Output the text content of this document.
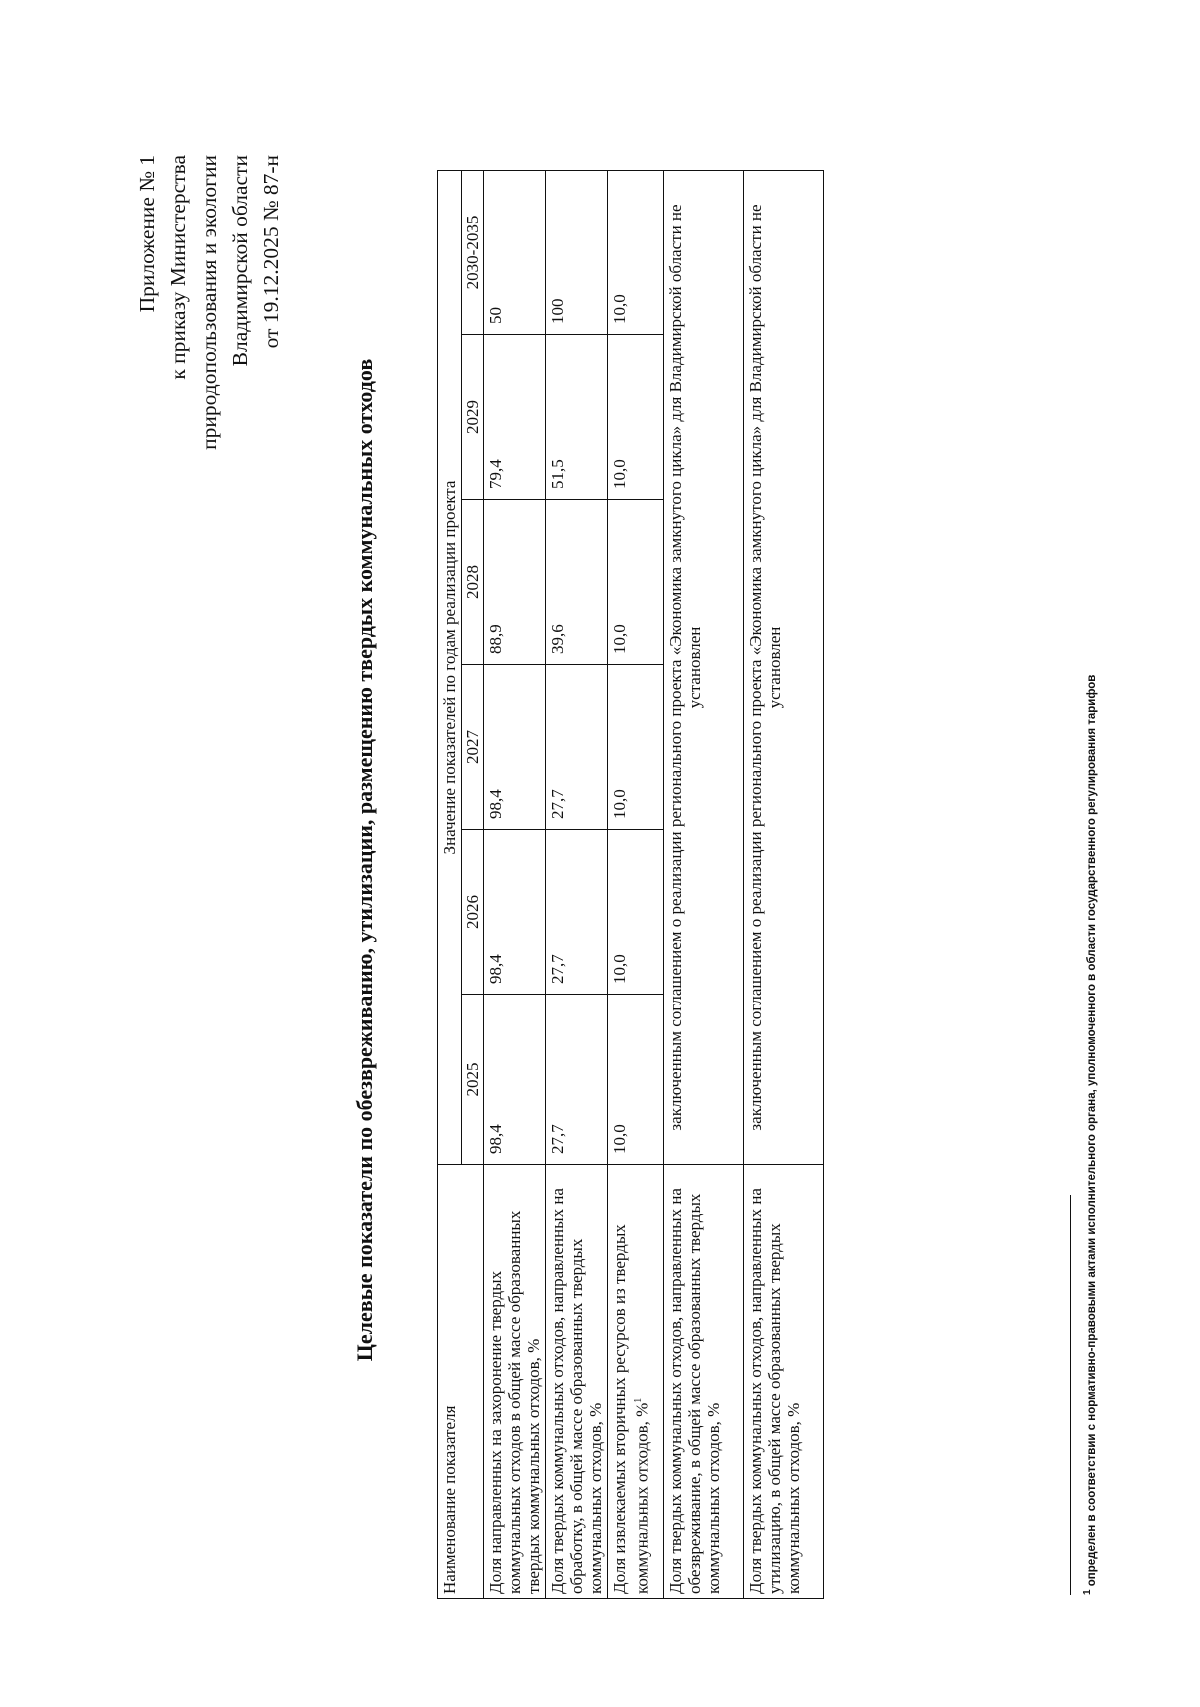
Приложение № 1 к приказу Министерства природопользования и экологии Владимирской области от 19.12.2025 № 87-н
Целевые показатели по обезвреживанию, утилизации, размещению твердых коммунальных отходов
Наименование показателя	Значение показателей по годам реализации проекта					
	2025	2026	2027	2028	2029	2030-2035
Доля направленных на захоронение твердых коммунальных отходов в общей массе образованных твердых коммунальных отходов, %	98,4	98,4	98,4	88,9	79,4	50
Доля твердых коммунальных отходов, направленных на обработку, в общей массе образованных твердых коммунальных отходов, %	27,7	27,7	27,7	39,6	51,5	100
Доля извлекаемых вторичных ресурсов из твердых коммунальных отходов, %$^1$	10,0	10,0	10,0	10,0	10,0	10,0
Доля твердых коммунальных отходов, направленных на обезвреживание, в общей массе образованных твердых коммунальных отходов, %	заключенным соглашением о реализации регионального проекта «Экономика замкнутого цикла» для Владимирской области не установлен					
Доля твердых коммунальных отходов, направленных на утилизацию, в общей массе образованных твердых коммунальных отходов, %	заключенным соглашением о реализации регионального проекта «Экономика замкнутого цикла» для Владимирской области не установлен					
$^1$ определен в соответствии с нормативно-правовыми актами исполнительного органа, уполномоченного в области государственного регулирования тарифов
